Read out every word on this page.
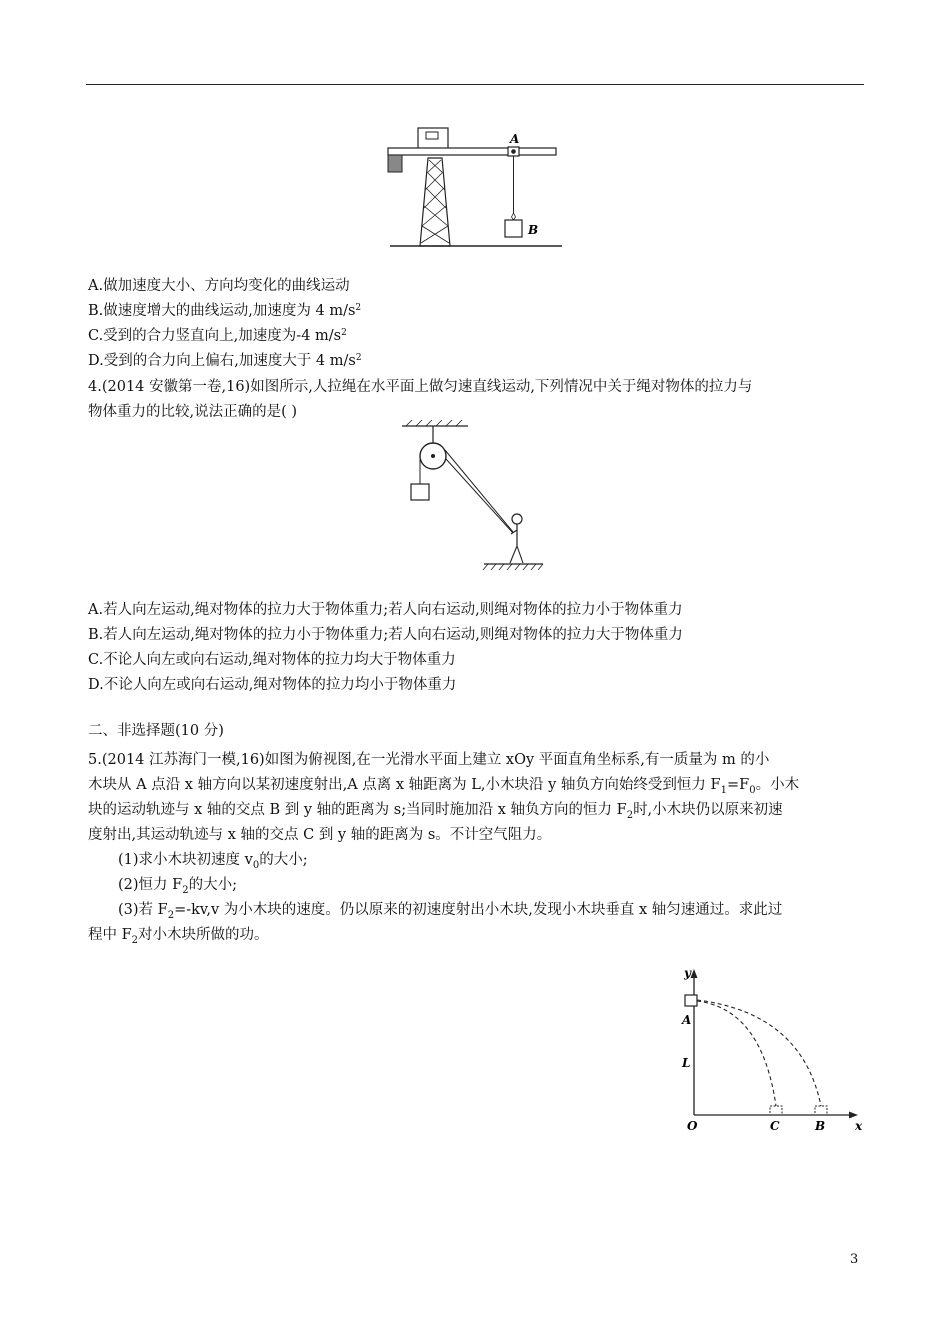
A
B
A.做加速度大小、方向均变化的曲线运动
B.做速度增大的曲线运动,加速度为 4 $m/s^2$
C.受到的合力竖直向上,加速度为-4 $m/s^2$
D.受到的合力向上偏右,加速度大于 4 $m/s^2$
4.(2014 安徽第一卷,16)如图所示,人拉绳在水平面上做匀速直线运动,下列情况中关于绳对物体的拉力与
物体重力的比较,说法正确的是( )
A.若人向左运动,绳对物体的拉力大于物体重力;若人向右运动,则绳对物体的拉力小于物体重力
B.若人向左运动,绳对物体的拉力小于物体重力;若人向右运动,则绳对物体的拉力大于物体重力
C.不论人向左或向右运动,绳对物体的拉力均大于物体重力
D.不论人向左或向右运动,绳对物体的拉力均小于物体重力
二、非选择题(10 分)
5.(2014 江苏海门一模,16)如图为俯视图,在一光滑水平面上建立 xOy 平面直角坐标系,有一质量为 m 的小
木块从 A 点沿 x 轴方向以某初速度射出,A 点离 x 轴距离为 L,小木块沿 y 轴负方向始终受到恒力 $F_1=F_0$。小木
块的运动轨迹与 x 轴的交点 B 到 y 轴的距离为 s;当同时施加沿 x 轴负方向的恒力 $F_2$时,小木块仍以原来初速
度射出,其运动轨迹与 x 轴的交点 C 到 y 轴的距离为 s。不计空气阻力。
(1)求小木块初速度 $v_0$的大小;
(2)恒力 $F_2$的大小;
(3)若 $F_2=-kv,v$ 为小木块的速度。仍以原来的初速度射出小木块,发现小木块垂直 x 轴匀速通过。求此过
程中 $F_2$对小木块所做的功。
y
A
L
O	C	B x
3
